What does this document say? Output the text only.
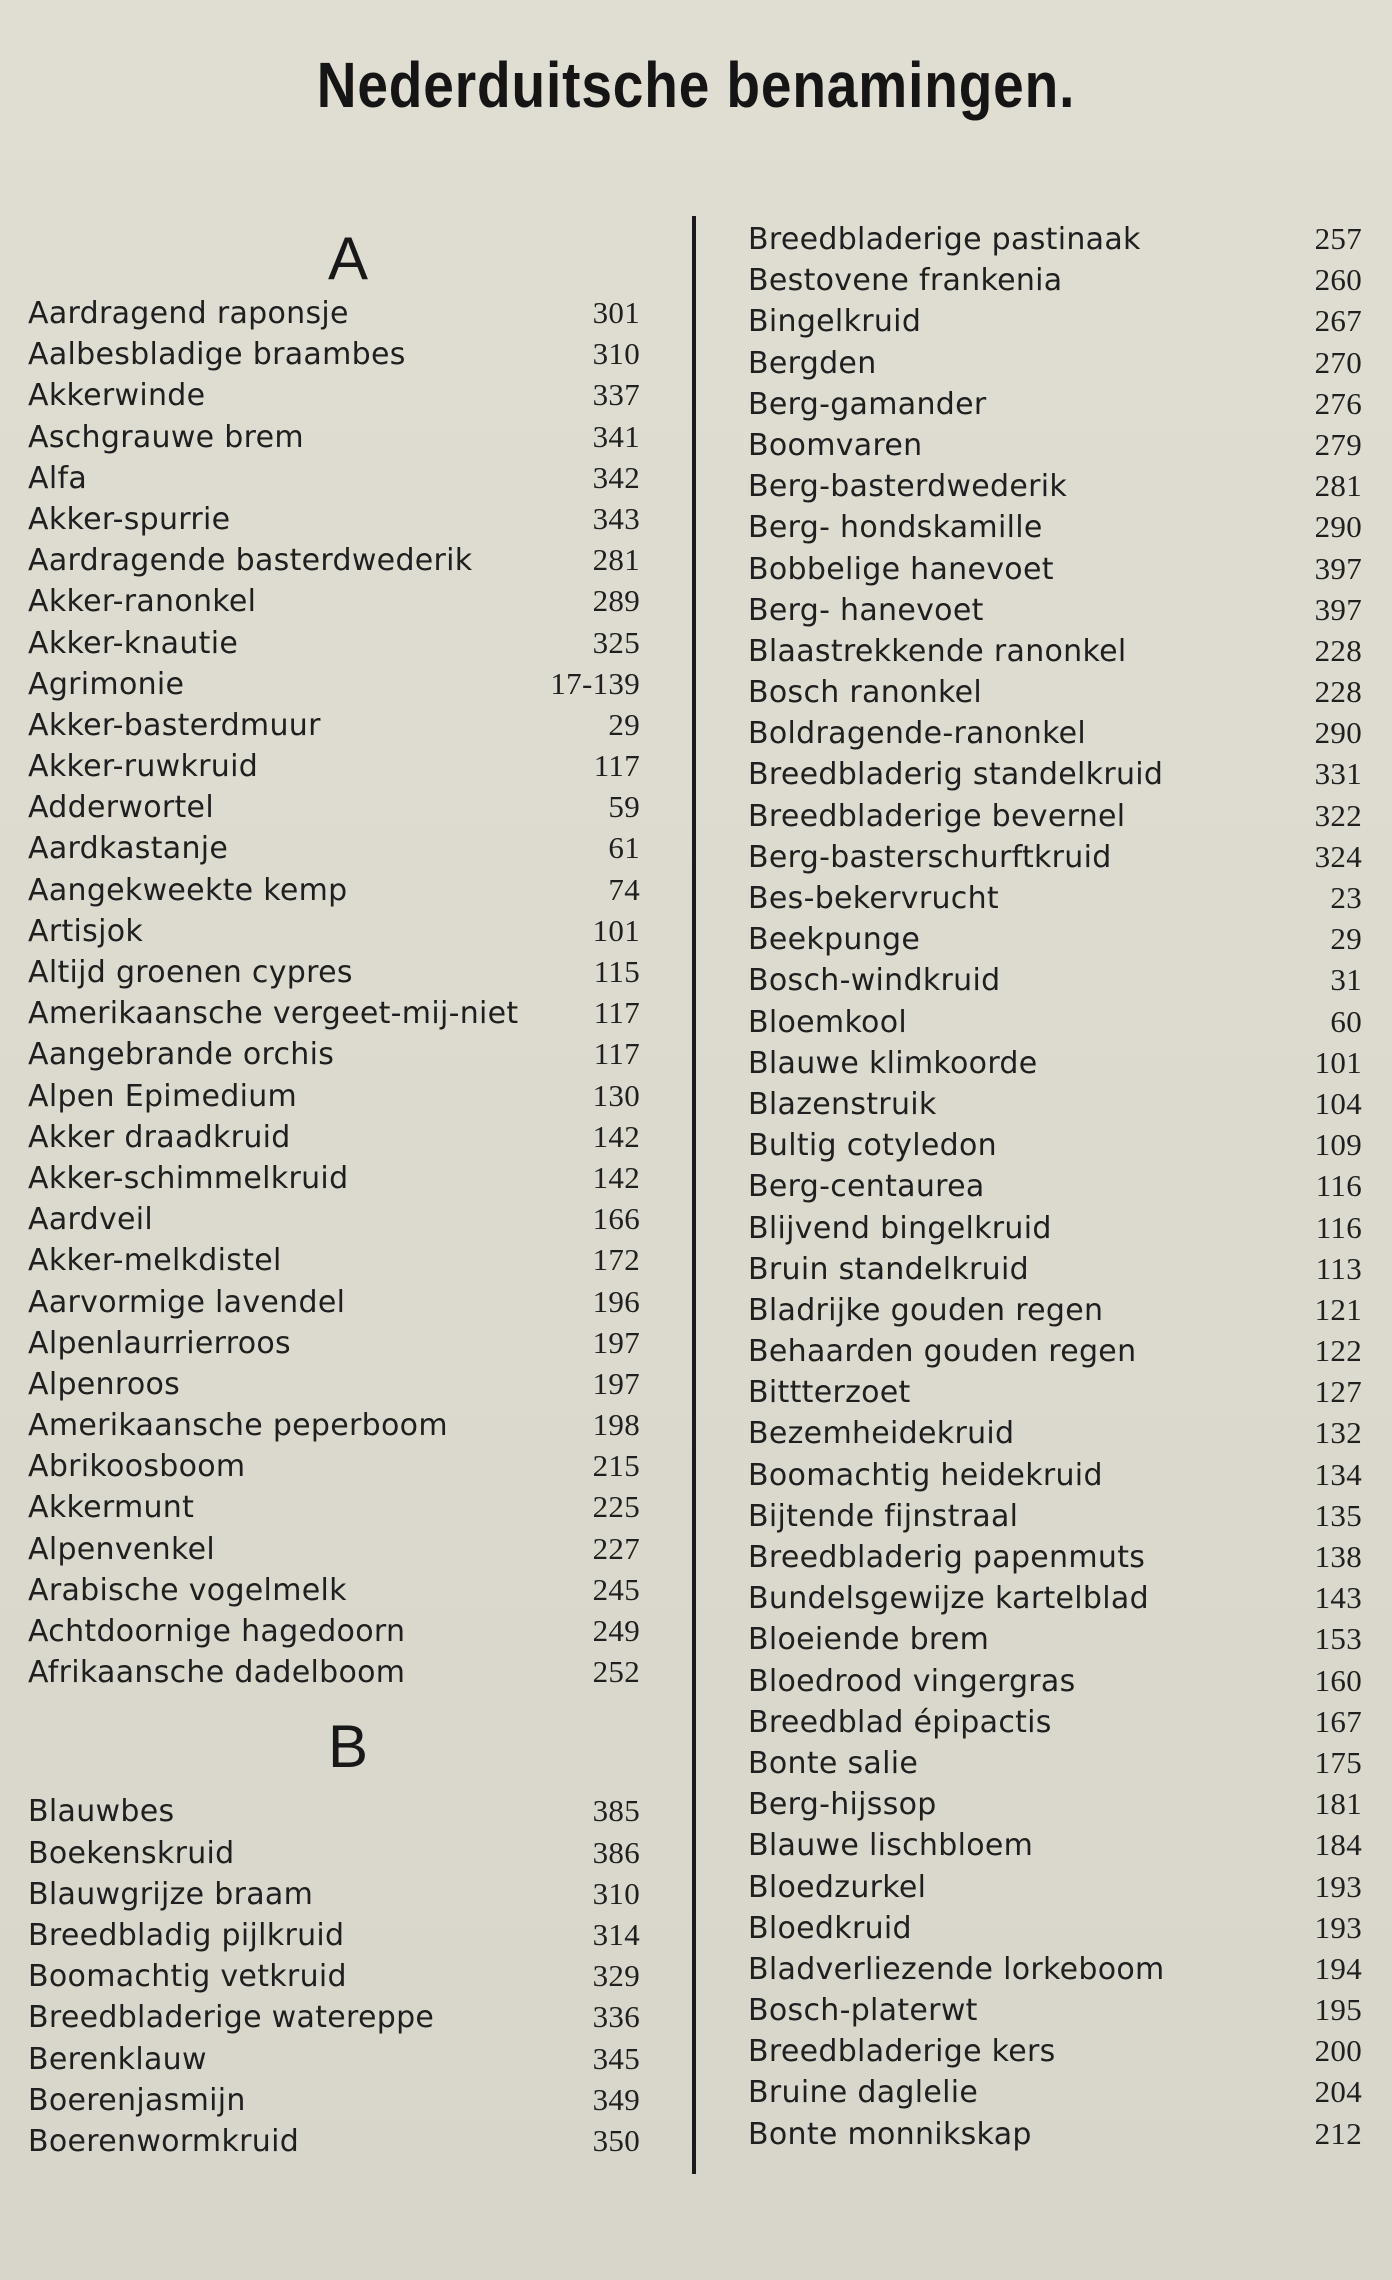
Nederduitsche benamingen.
A
Aardragend raponsje	301
Aalbesbladige braambes	310
Akkerwinde	337
Aschgrauwe brem	341
Alfa	342
Akker-spurrie	343
Aardragende basterdwederik	281
Akker-ranonkel	289
Akker-knautie	325
Agrimonie	17-139
Akker-basterdmuur	29
Akker-ruwkruid	117
Adderwortel	59
Aardkastanje	61
Aangekweekte kemp	74
Artisjok	101
Altijd groenen cypres	115
Amerikaansche vergeet-mij-niet	117
Aangebrande orchis	117
Alpen Epimedium	130
Akker draadkruid	142
Akker-schimmelkruid	142
Aardveil	166
Akker-melkdistel	172
Aarvormige lavendel	196
Alpenlaurrierroos	197
Alpenroos	197
Amerikaansche peperboom	198
Abrikoosboom	215
Akkermunt	225
Alpenvenkel	227
Arabische vogelmelk	245
Achtdoornige hagedoorn	249
Afrikaansche dadelboom	252
B
Blauwbes	385
Boekenskruid	386
Blauwgrijze braam	310
Breedbladig pijlkruid	314
Boomachtig vetkruid	329
Breedbladerige watereppe	336
Berenklauw	345
Boerenjasmijn	349
Boerenwormkruid	350
Breedbladerige pastinaak	257
Bestovene frankenia	260
Bingelkruid	267
Bergden	270
Berg-gamander	276
Boomvaren	279
Berg-basterdwederik	281
Berg- hondskamille	290
Bobbelige hanevoet	397
Berg- hanevoet	397
Blaastrekkende ranonkel	228
Bosch ranonkel	228
Boldragende-ranonkel	290
Breedbladerig standelkruid	331
Breedbladerige bevernel	322
Berg-basterschurftkruid	324
Bes-bekervrucht	23
Beekpunge	29
Bosch-windkruid	31
Bloemkool	60
Blauwe klimkoorde	101
Blazenstruik	104
Bultig cotyledon	109
Berg-centaurea	116
Blijvend bingelkruid	116
Bruin standelkruid	113
Bladrijke gouden regen	121
Behaarden gouden regen	122
Bittterzoet	127
Bezemheidekruid	132
Boomachtig heidekruid	134
Bijtende fijnstraal	135
Breedbladerig papenmuts	138
Bundelsgewijze kartelblad	143
Bloeiende brem	153
Bloedrood vingergras	160
Breedblad épipactis	167
Bonte salie	175
Berg-hijssop	181
Blauwe lischbloem	184
Bloedzurkel	193
Bloedkruid	193
Bladverliezende lorkeboom	194
Bosch-platerwt	195
Breedbladerige kers	200
Bruine daglelie	204
Bonte monnikskap	212
